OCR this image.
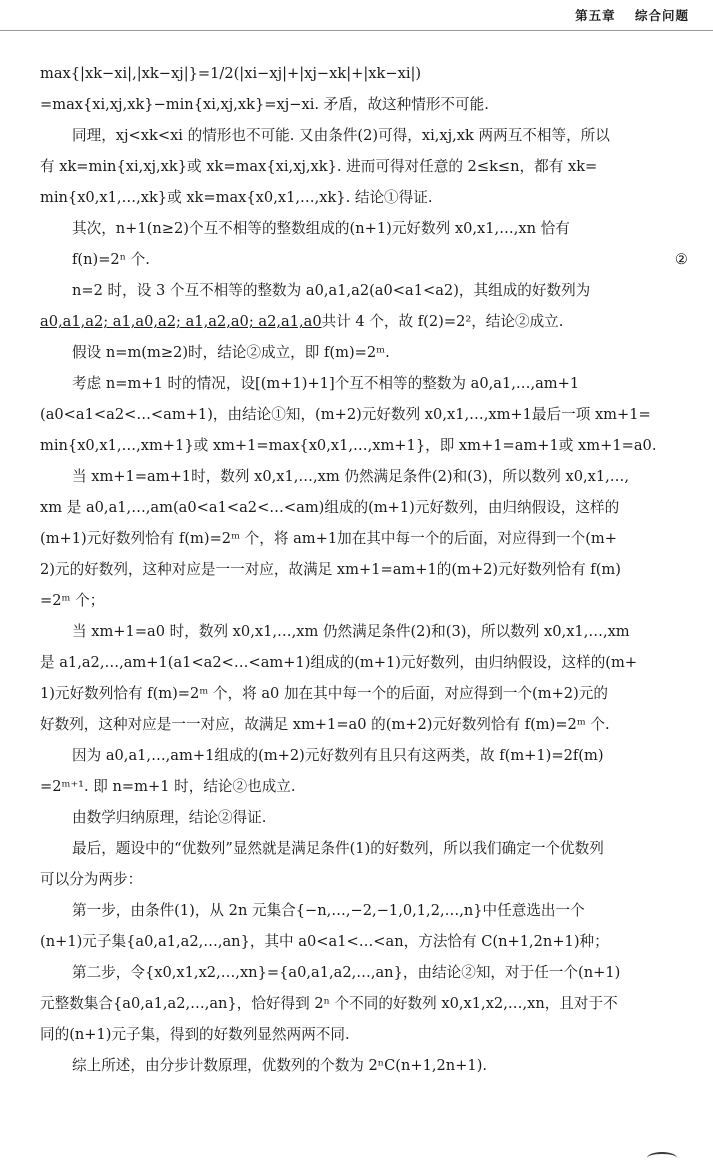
第五章 综合问题
max{|xk−xi|,|xk−xj|}=1/2(|xi−xj|+|xj−xk|+|xk−xi|)
=max{xi,xj,xk}−min{xi,xj,xk}=xj−xi. 矛盾，故这种情形不可能.
同理，xj<xk<xi 的情形也不可能. 又由条件(2)可得，xi,xj,xk 两两互不相等，所以
有 xk=min{xi,xj,xk}或 xk=max{xi,xj,xk}. 进而可得对任意的 2≤k≤n，都有 xk=
min{x0,x1,…,xk}或 xk=max{x0,x1,…,xk}. 结论①得证.
其次，n+1(n≥2)个互不相等的整数组成的(n+1)元好数列 x0,x1,…,xn 恰有
f(n)=2ⁿ 个.	②
n=2 时，设 3 个互不相等的整数为 a0,a1,a2(a0<a1<a2)，其组成的好数列为
a0,a1,a2; a1,a0,a2; a1,a2,a0; a2,a1,a0共计 4 个，故 f(2)=2²，结论②成立.
假设 n=m(m≥2)时，结论②成立，即 f(m)=2ᵐ.
考虑 n=m+1 时的情况，设[(m+1)+1]个互不相等的整数为 a0,a1,…,am+1
(a0<a1<a2<…<am+1)，由结论①知，(m+2)元好数列 x0,x1,…,xm+1最后一项 xm+1=
min{x0,x1,…,xm+1}或 xm+1=max{x0,x1,…,xm+1}，即 xm+1=am+1或 xm+1=a0.
当 xm+1=am+1时，数列 x0,x1,…,xm 仍然满足条件(2)和(3)，所以数列 x0,x1,…,
xm 是 a0,a1,…,am(a0<a1<a2<…<am)组成的(m+1)元好数列，由归纳假设，这样的
(m+1)元好数列恰有 f(m)=2ᵐ 个，将 am+1加在其中每一个的后面，对应得到一个(m+
2)元的好数列，这种对应是一一对应，故满足 xm+1=am+1的(m+2)元好数列恰有 f(m)
=2ᵐ 个；
当 xm+1=a0 时，数列 x0,x1,…,xm 仍然满足条件(2)和(3)，所以数列 x0,x1,…,xm
是 a1,a2,…,am+1(a1<a2<…<am+1)组成的(m+1)元好数列，由归纳假设，这样的(m+
1)元好数列恰有 f(m)=2ᵐ 个，将 a0 加在其中每一个的后面，对应得到一个(m+2)元的
好数列，这种对应是一一对应，故满足 xm+1=a0 的(m+2)元好数列恰有 f(m)=2ᵐ 个.
因为 a0,a1,…,am+1组成的(m+2)元好数列有且只有这两类，故 f(m+1)=2f(m)
=2ᵐ⁺¹. 即 n=m+1 时，结论②也成立.
由数学归纳原理，结论②得证.
最后，题设中的“优数列”显然就是满足条件(1)的好数列，所以我们确定一个优数列
可以分为两步：
第一步，由条件(1)，从 2n 元集合{−n,…,−2,−1,0,1,2,…,n}中任意选出一个
(n+1)元子集{a0,a1,a2,…,an}，其中 a0<a1<…<an，方法恰有 C(n+1,2n+1)种；
第二步，令{x0,x1,x2,…,xn}={a0,a1,a2,…,an}，由结论②知，对于任一个(n+1)
元整数集合{a0,a1,a2,…,an}，恰好得到 2ⁿ 个不同的好数列 x0,x1,x2,…,xn，且对于不
同的(n+1)元子集，得到的好数列显然两两不同.
综上所述，由分步计数原理，优数列的个数为 2ⁿC(n+1,2n+1).
